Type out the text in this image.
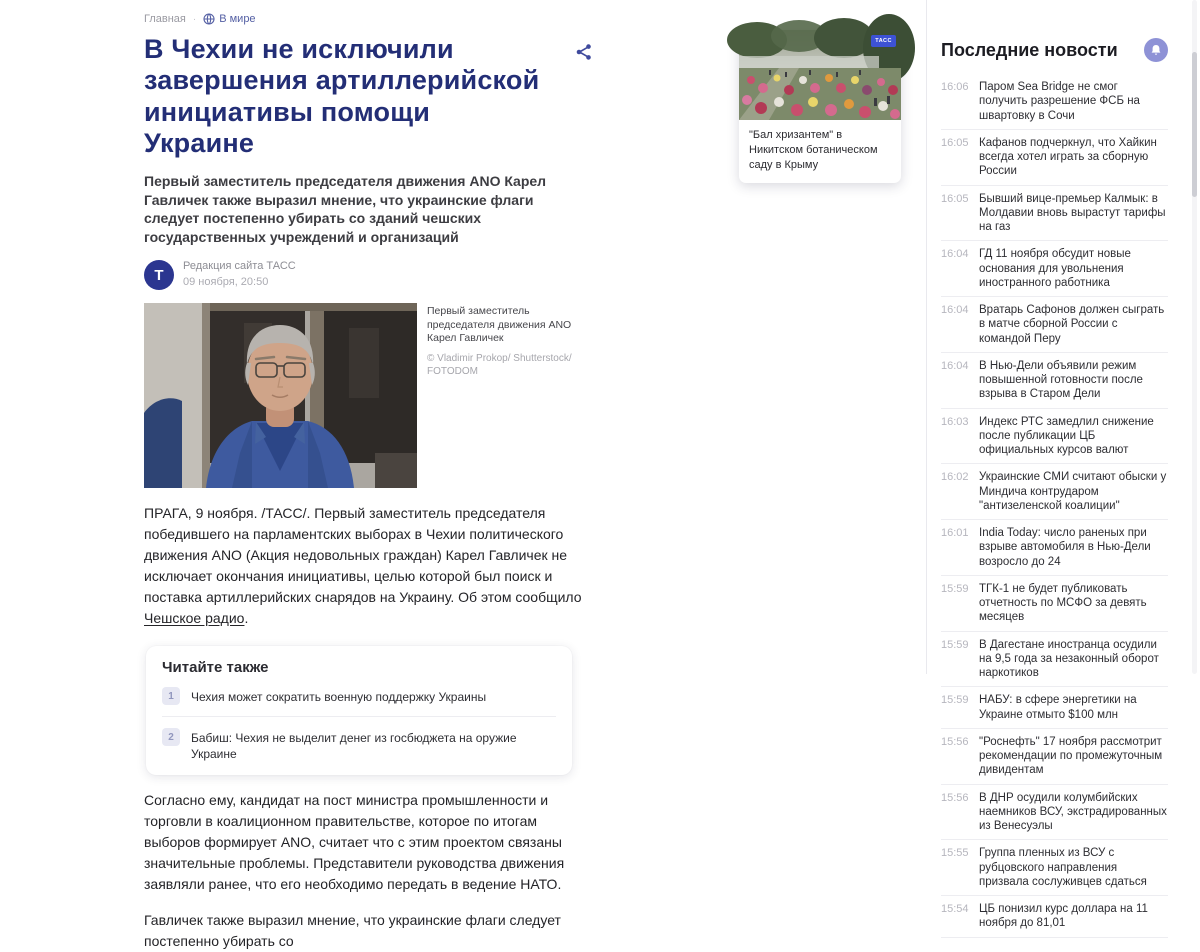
Главная · В мире
В Чехии не исключили завершения артиллерийской инициативы помощи Украине
Первый заместитель председателя движения ANO Карел Гавличек также выразил мнение, что украинские флаги следует постепенно убирать со зданий чешских государственных учреждений и организаций
Т
Редакция сайта ТАСС
09 ноября, 20:50
Первый заместитель председателя движения ANO Карел Гавличек
© Vladimir Prokop/ Shutterstock/ FOTODOM

ПРАГА, 9 ноября. /ТАСС/. Первый заместитель председателя победившего на парламентских выборах в Чехии политического движения ANO (Акция недовольных граждан) Карел Гавличек не исключает окончания инициативы, целью которой был поиск и поставка артиллерийских снарядов на Украину. Об этом сообщило Чешское радио.

Читайте также
1	Чехия может сократить военную поддержку Украины
2	Бабиш: Чехия не выделит денег из госбюджета на оружие Украине

Согласно ему, кандидат на пост министра промышленности и торговли в коалиционном правительстве, которое по итогам выборов формирует ANO, считает что с этим проектом связаны значительные проблемы. Представители руководства движения заявляли ранее, что его необходимо передать в ведение НАТО.

Гавличек также выразил мнение, что украинские флаги следует постепенно убирать со

ТАСС
"Бал хризантем" в Никитском ботаническом саду в Крыму
Последние новости
16:06 Паром Sea Bridge не смог получить разрешение ФСБ на швартовку в Сочи
16:05 Кафанов подчеркнул, что Хайкин всегда хотел играть за сборную России
16:05 Бывший вице-премьер Калмык: в Молдавии вновь вырастут тарифы на газ
16:04 ГД 11 ноября обсудит новые основания для увольнения иностранного работника
16:04 Вратарь Сафонов должен сыграть в матче сборной России с командой Перу
16:04 В Нью-Дели объявили режим повышенной готовности после взрыва в Старом Дели
16:03 Индекс РТС замедлил снижение после публикации ЦБ официальных курсов валют
16:02 Украинские СМИ считают обыски у Миндича контрударом "антизеленской коалиции"
16:01 India Today: число раненых при взрыве автомобиля в Нью-Дели возросло до 24
15:59 ТГК-1 не будет публиковать отчетность по МСФО за девять месяцев
15:59 В Дагестане иностранца осудили на 9,5 года за незаконный оборот наркотиков
15:59 НАБУ: в сфере энергетики на Украине отмыто $100 млн
15:56 "Роснефть" 17 ноября рассмотрит рекомендации по промежуточным дивидентам
15:56 В ДНР осудили колумбийских наемников ВСУ, экстрадированных из Венесуэлы
15:55 Группа пленных из ВСУ с рубцовского направления призвала сослуживцев сдаться
15:54 ЦБ понизил курс доллара на 11 ноября до 81,01
